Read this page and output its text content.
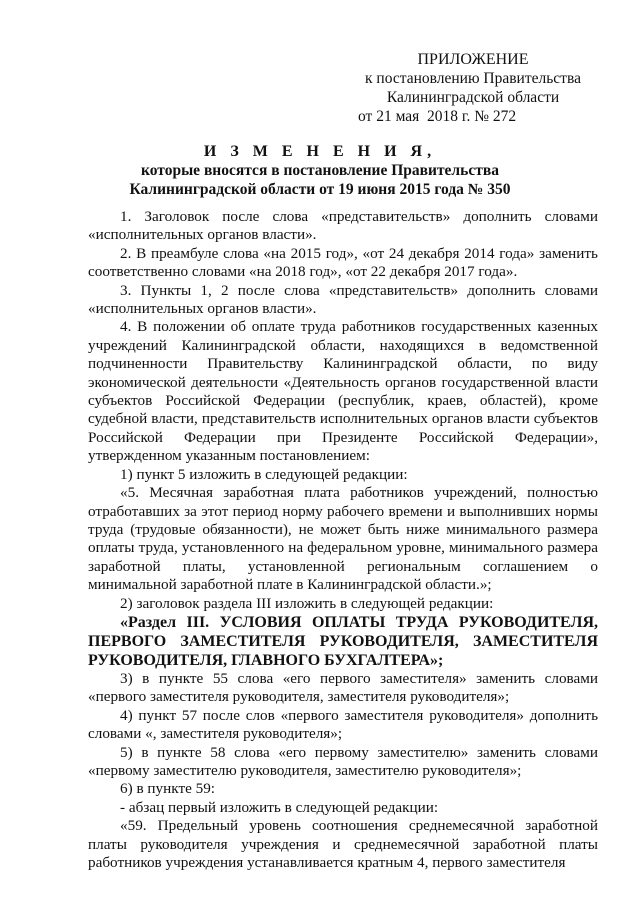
ПРИЛОЖЕНИЕ
к постановлению Правительства
Калининградской области
от 21 мая  2018 г. № 272
И З М Е Н Е Н И Я,
которые вносятся в постановление Правительства
Калининградской области от 19 июня 2015 года № 350

1. Заголовок после слова «представительств» дополнить словами «исполнительных органов власти».

2. В преамбуле слова «на 2015 год», «от 24 декабря 2014 года» заменить соответственно словами «на 2018 год», «от 22 декабря 2017 года».

3. Пункты 1, 2 после слова «представительств» дополнить словами «исполнительных органов власти».

4. В положении об оплате труда работников государственных казенных учреждений Калининградской области, находящихся в ведомственной подчиненности Правительству Калининградской области, по виду экономической деятельности «Деятельность органов государственной власти субъектов Российской Федерации (республик, краев, областей), кроме судебной власти, представительств исполнительных органов власти субъектов Российской Федерации при Президенте Российской Федерации», утвержденном указанным постановлением:

1) пункт 5 изложить в следующей редакции:

«5. Месячная заработная плата работников учреждений, полностью отработавших за этот период норму рабочего времени и выполнивших нормы труда (трудовые обязанности), не может быть ниже минимального размера оплаты труда, установленного на федеральном уровне, минимального размера заработной платы, установленной региональным соглашением о минимальной заработной плате в Калининградской области.»;

2) заголовок раздела III изложить в следующей редакции:

«Раздел III. УСЛОВИЯ ОПЛАТЫ ТРУДА РУКОВОДИТЕЛЯ, ПЕРВОГО ЗАМЕСТИТЕЛЯ РУКОВОДИТЕЛЯ, ЗАМЕСТИТЕЛЯ РУКОВОДИТЕЛЯ, ГЛАВНОГО БУХГАЛТЕРА»;

3) в пункте 55 слова «его первого заместителя» заменить словами «первого заместителя руководителя, заместителя руководителя»;

4) пункт 57 после слов «первого заместителя руководителя» дополнить словами «, заместителя руководителя»;

5) в пункте 58 слова «его первому заместителю» заменить словами «первому заместителю руководителя, заместителю руководителя»;

6) в пункте 59:

- абзац первый изложить в следующей редакции:

«59. Предельный уровень соотношения среднемесячной заработной платы руководителя учреждения и среднемесячной заработной платы работников учреждения устанавливается кратным 4, первого заместителя
